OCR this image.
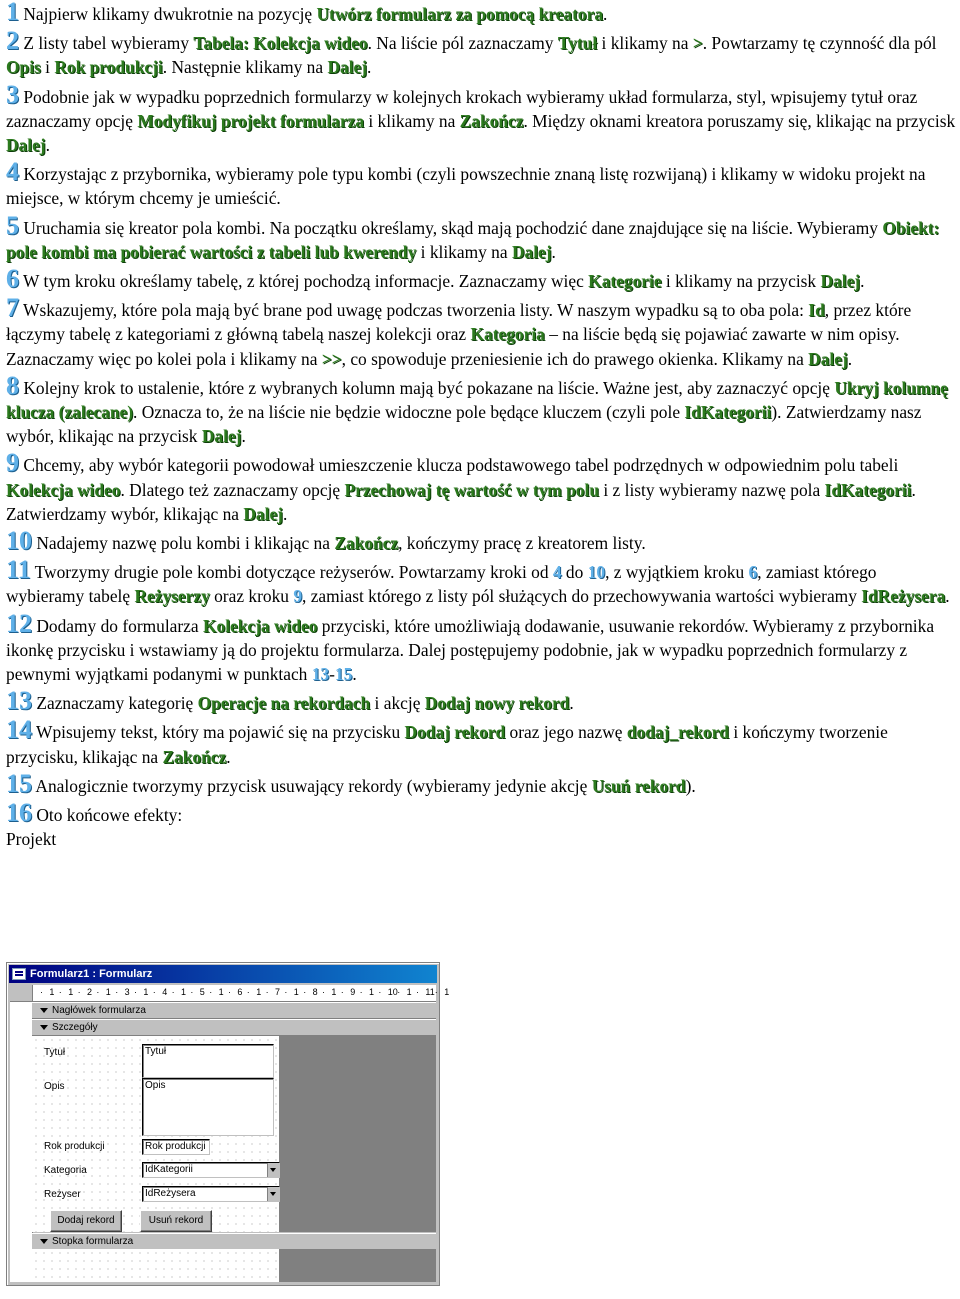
1 Najpierw klikamy dwukrotnie na pozycję Utwórz formularz za pomocą kreatora.
2 Z listy tabel wybieramy Tabela: Kolekcja wideo. Na liście pól zaznaczamy Tytuł i klikamy na >. Powtarzamy tę czynność dla pól Opis i Rok produkcji. Następnie klikamy na Dalej.
3 Podobnie jak w wypadku poprzednich formularzy w kolejnych krokach wybieramy układ formularza, styl, wpisujemy tytuł oraz zaznaczamy opcję Modyfikuj projekt formularza i klikamy na Zakończ. Między oknami kreatora poruszamy się, klikając na przycisk Dalej.
4 Korzystając z przybornika, wybieramy pole typu kombi (czyli powszechnie znaną listę rozwijaną) i klikamy w widoku projekt na miejsce, w którym chcemy je umieścić.
5 Uruchamia się kreator pola kombi. Na początku określamy, skąd mają pochodzić dane znajdujące się na liście. Wybieramy Obiekt: pole kombi ma pobierać wartości z tabeli lub kwerendy i klikamy na Dalej.
6 W tym kroku określamy tabelę, z której pochodzą informacje. Zaznaczamy więc Kategorie i klikamy na przycisk Dalej.
7 Wskazujemy, które pola mają być brane pod uwagę podczas tworzenia listy. W naszym wypadku są to oba pola: Id, przez które łączymy tabelę z kategoriami z główną tabelą naszej kolekcji oraz Kategoria – na liście będą się pojawiać zawarte w nim opisy. Zaznaczamy więc po kolei pola i klikamy na >>, co spowoduje przeniesienie ich do prawego okienka. Klikamy na Dalej.
8 Kolejny krok to ustalenie, które z wybranych kolumn mają być pokazane na liście. Ważne jest, aby zaznaczyć opcję Ukryj kolumnę klucza (zalecane). Oznacza to, że na liście nie będzie widoczne pole będące kluczem (czyli pole IdKategorii). Zatwierdzamy nasz wybór, klikając na przycisk Dalej.
9 Chcemy, aby wybór kategorii powodował umieszczenie klucza podstawowego tabel podrzędnych w odpowiednim polu tabeli Kolekcja wideo. Dlatego też zaznaczamy opcję Przechowaj tę wartość w tym polu i z listy wybieramy nazwę pola IdKategorii. Zatwierdzamy wybór, klikając na Dalej.
10 Nadajemy nazwę polu kombi i klikając na Zakończ, kończymy pracę z kreatorem listy.
11 Tworzymy drugie pole kombi dotyczące reżyserów. Powtarzamy kroki od 4 do 10, z wyjątkiem kroku 6, zamiast którego wybieramy tabelę Reżyserzy oraz kroku 9, zamiast którego z listy pól służących do przechowywania wartości wybieramy IdReżysera.
12 Dodamy do formularza Kolekcja wideo przyciski, które umożliwiają dodawanie, usuwanie rekordów. Wybieramy z przybornika ikonkę przycisku i wstawiamy ją do projektu formularza. Dalej postępujemy podobnie, jak w wypadku poprzednich formularzy z pewnymi wyjątkami podanymi w punktach 13-15.
13 Zaznaczamy kategorię Operacje na rekordach i akcję Dodaj nowy rekord.
14 Wpisujemy tekst, który ma pojawić się na przycisku Dodaj rekord oraz jego nazwę dodaj_rekord i kończymy tworzenie przycisku, klikając na Zakończ.
15 Analogicznie tworzymy przycisk usuwający rekordy (wybieramy jedynie akcję Usuń rekord).
16 Oto końcowe efekty:
Projekt
Formularz1 : Formularz
· 1 · 1 · 2 · 1 · 3 · 1 · 4 · 1 · 5 · 1 · 6 · 1 · 7 · 1 · 8 · 1 · 9 · 1 · 10 · 1 · 11 · 1
Nagłówek formularza
Szczegóły
Tytuł	Tytuł
Opis	Opis
Rok produkcji	Rok produkcji
Kategoria	IdKategorii
Reżyser	IdReżysera
Dodaj rekord	Usuń rekord
Stopka formularza
